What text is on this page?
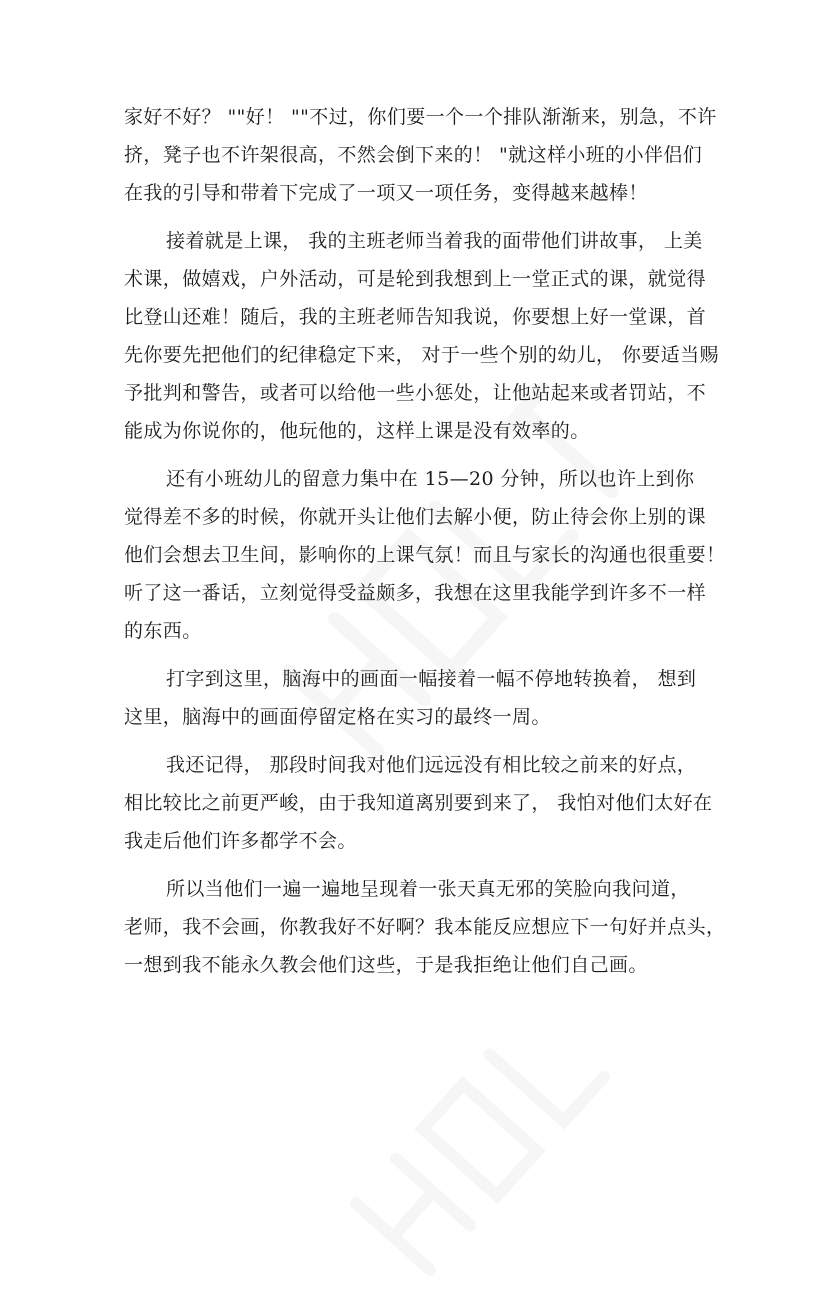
家好不好？ ""好！ ""不过，你们要一个一个排队渐渐来，别急，不许
挤，凳子也不许架很高，不然会倒下来的！ "就这样小班的小伴侣们
在我的引导和带着下完成了一项又一项任务，变得越来越棒！
接着就是上课， 我的主班老师当着我的面带他们讲故事， 上美
术课，做嬉戏，户外活动，可是轮到我想到上一堂正式的课，就觉得
比登山还难！随后，我的主班老师告知我说，你要想上好一堂课，首
先你要先把他们的纪律稳定下来， 对于一些个别的幼儿， 你要适当赐
予批判和警告，或者可以给他一些小惩处，让他站起来或者罚站，不
能成为你说你的，他玩他的，这样上课是没有效率的。
还有小班幼儿的留意力集中在 15—20 分钟，所以也许上到你
觉得差不多的时候，你就开头让他们去解小便，防止待会你上别的课
他们会想去卫生间，影响你的上课气氛！而且与家长的沟通也很重要！
听了这一番话，立刻觉得受益颇多，我想在这里我能学到许多不一样
的东西。
打字到这里，脑海中的画面一幅接着一幅不停地转换着， 想到
这里，脑海中的画面停留定格在实习的最终一周。
我还记得， 那段时间我对他们远远没有相比较之前来的好点，
相比较比之前更严峻，由于我知道离别要到来了， 我怕对他们太好在
我走后他们许多都学不会。
所以当他们一遍一遍地呈现着一张天真无邪的笑脸向我问道，
老师，我不会画，你教我好不好啊？我本能反应想应下一句好并点头，
一想到我不能永久教会他们这些，于是我拒绝让他们自己画。
